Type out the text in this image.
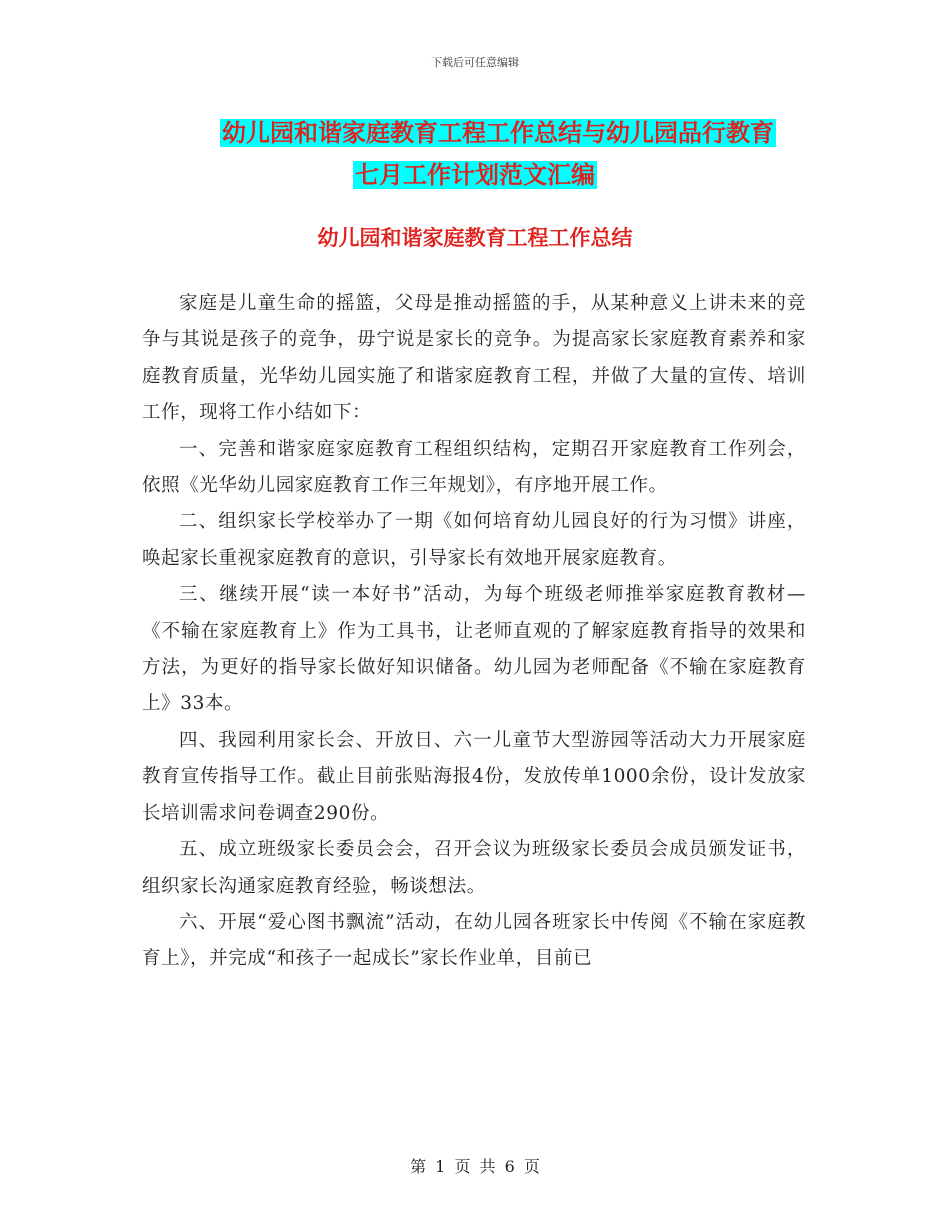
下载后可任意编辑
幼儿园和谐家庭教育工程工作总结与幼儿园品行教育
七月工作计划范文汇编
幼儿园和谐家庭教育工程工作总结

家庭是儿童生命的摇篮，父母是推动摇篮的手，从某种意义上讲未来的竞争与其说是孩子的竞争，毋宁说是家长的竞争。为提高家长家庭教育素养和家庭教育质量，光华幼儿园实施了和谐家庭教育工程，并做了大量的宣传、培训工作，现将工作小结如下：

一、完善和谐家庭家庭教育工程组织结构，定期召开家庭教育工作列会，依照《光华幼儿园家庭教育工作三年规划》，有序地开展工作。

二、组织家长学校举办了一期《如何培育幼儿园良好的行为习惯》讲座，唤起家长重视家庭教育的意识，引导家长有效地开展家庭教育。

三、继续开展“读一本好书”活动，为每个班级老师推举家庭教育教材—《不输在家庭教育上》作为工具书，让老师直观的了解家庭教育指导的效果和方法，为更好的指导家长做好知识储备。幼儿园为老师配备《不输在家庭教育上》33本。

四、我园利用家长会、开放日、六一儿童节大型游园等活动大力开展家庭教育宣传指导工作。截止目前张贴海报4份，发放传单1000余份，设计发放家长培训需求问卷调查290份。

五、成立班级家长委员会会，召开会议为班级家长委员会成员颁发证书，组织家长沟通家庭教育经验，畅谈想法。

六、开展“爱心图书飘流”活动，在幼儿园各班家长中传阅《不输在家庭教育上》，并完成“和孩子一起成长”家长作业单，目前已

第 1 页 共 6 页
